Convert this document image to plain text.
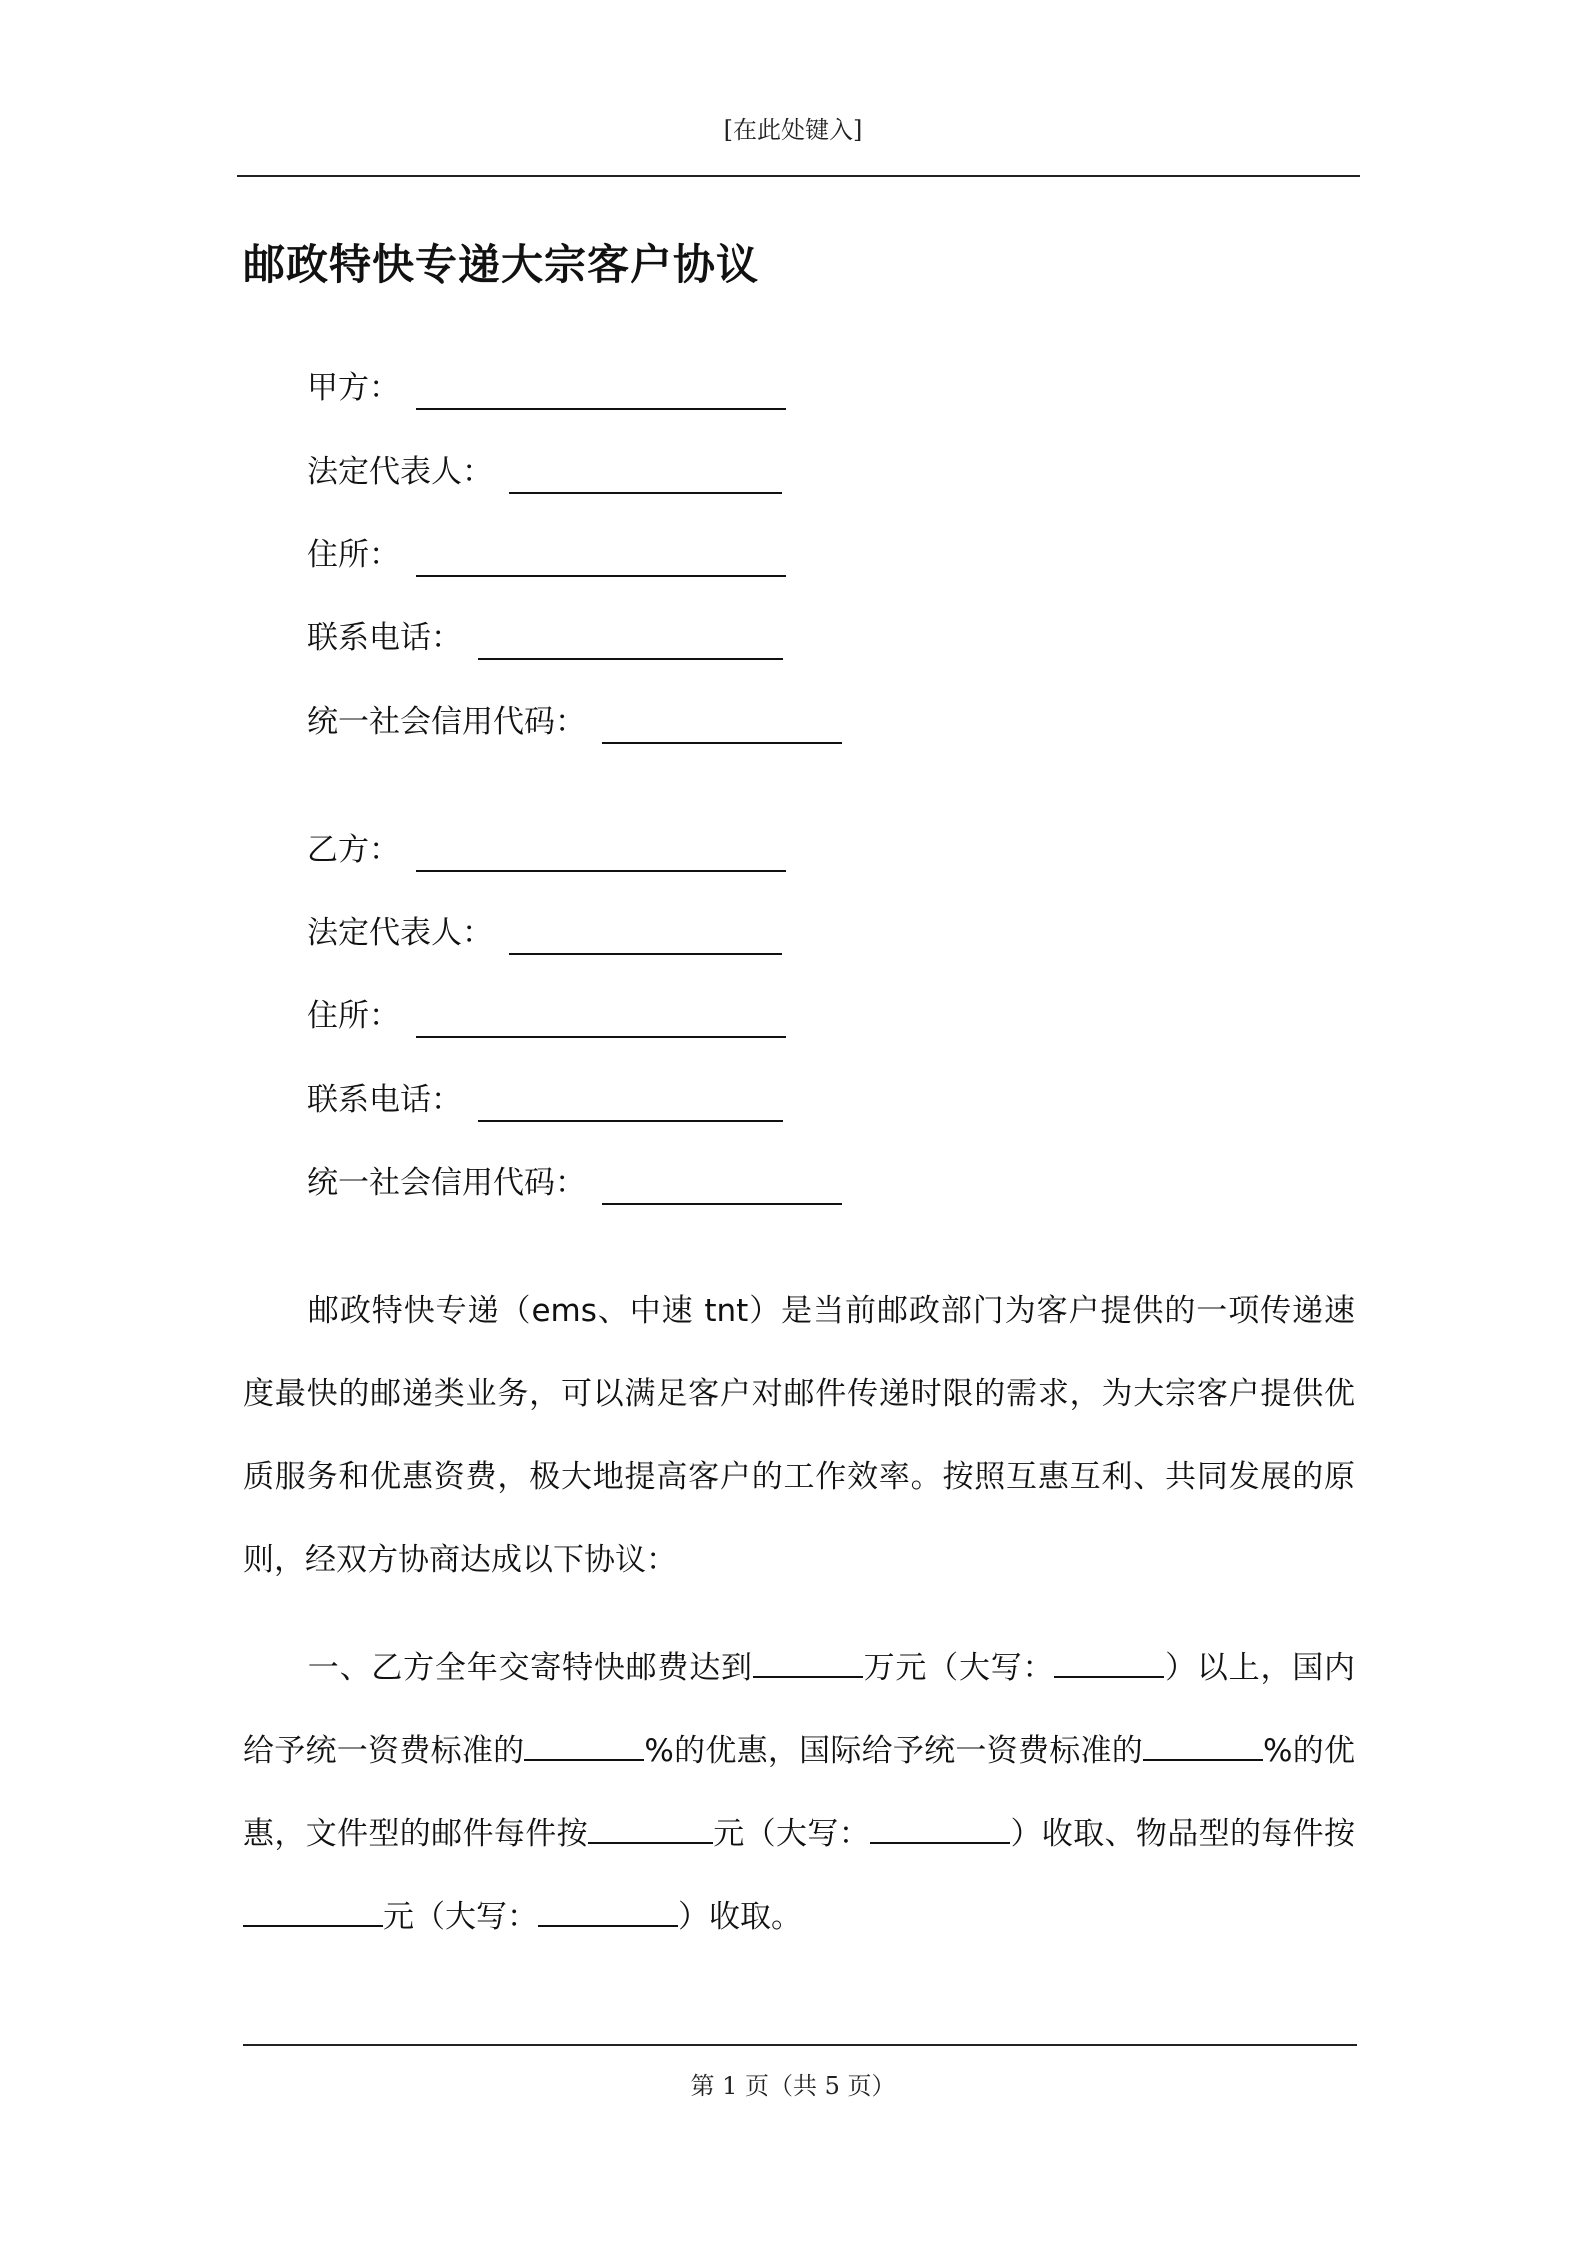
[在此处键入]
邮政特快专递大宗客户协议
甲方：
法定代表人：
住所：
联系电话：
统一社会信用代码：
乙方：
法定代表人：
住所：
联系电话：
统一社会信用代码：
邮政特快专递（ems、中速 tnt）是当前邮政部门为客户提供的一项传递速度最快的邮递类业务，可以满足客户对邮件传递时限的需求，为大宗客户提供优质服务和优惠资费，极大地提高客户的工作效率。按照互惠互利、共同发展的原则，经双方协商达成以下协议：
一、乙方全年交寄特快邮费达到	万元（大写：	）以上，国内给予统一资费标准的	%的优惠，国际给予统一资费标准的	%的优惠，文件型的邮件每件按	元（大写：	）收取、物品型的每件按元（大写：	）收取。
第 1 页（共 5 页）
